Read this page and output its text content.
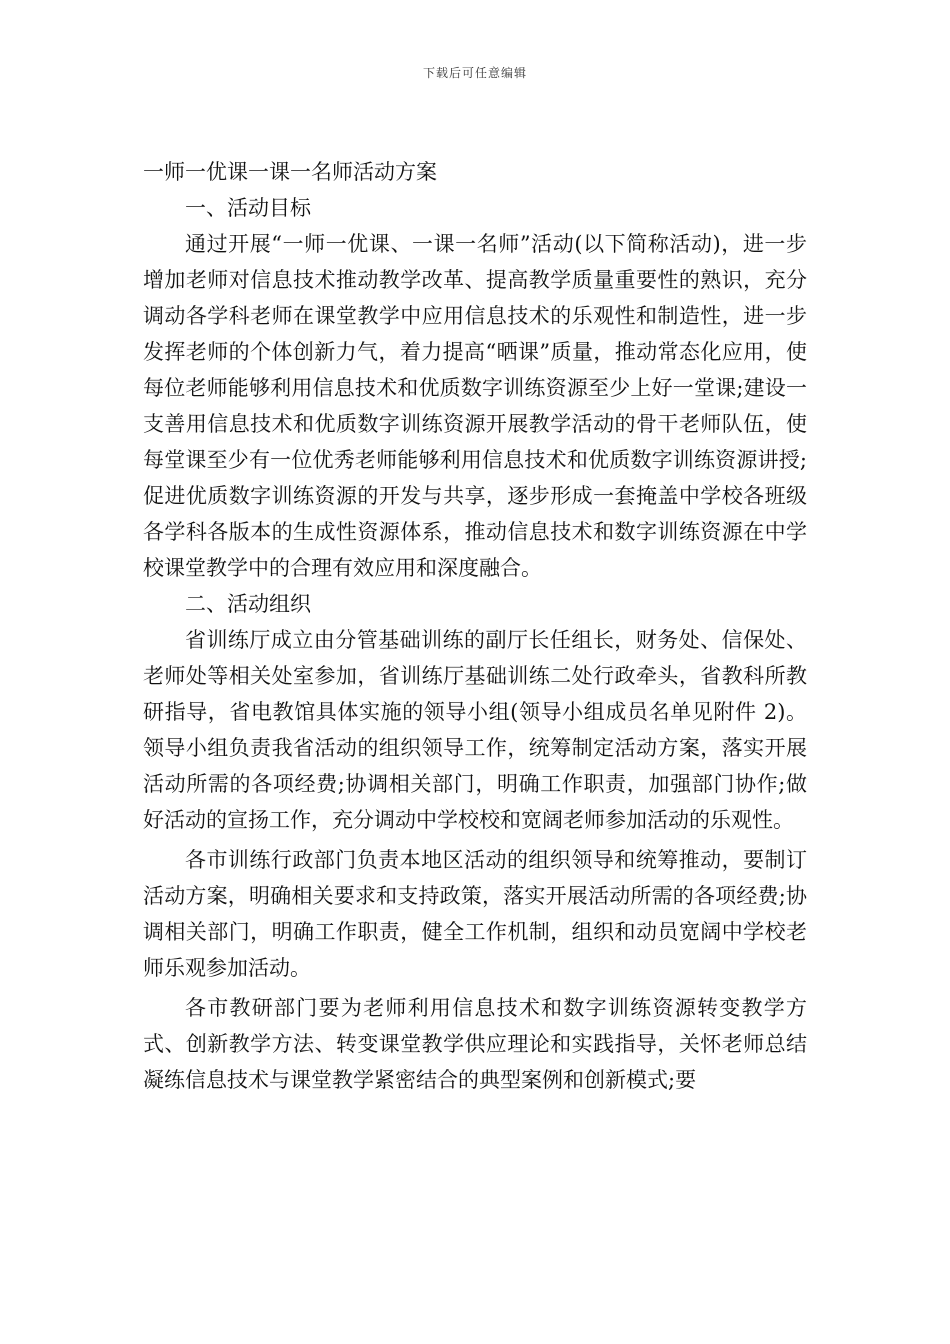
下载后可任意编辑
一师一优课一课一名师活动方案
一、活动目标

通过开展“一师一优课、一课一名师”活动(以下简称活动)，进一步增加老师对信息技术推动教学改革、提高教学质量重要性的熟识，充分调动各学科老师在课堂教学中应用信息技术的乐观性和制造性，进一步发挥老师的个体创新力气，着力提高“晒课”质量，推动常态化应用，使每位老师能够利用信息技术和优质数字训练资源至少上好一堂课;建设一支善用信息技术和优质数字训练资源开展教学活动的骨干老师队伍，使每堂课至少有一位优秀老师能够利用信息技术和优质数字训练资源讲授;促进优质数字训练资源的开发与共享，逐步形成一套掩盖中学校各班级各学科各版本的生成性资源体系，推动信息技术和数字训练资源在中学校课堂教学中的合理有效应用和深度融合。

二、活动组织

省训练厅成立由分管基础训练的副厅长任组长，财务处、信保处、老师处等相关处室参加，省训练厅基础训练二处行政牵头，省教科所教研指导，省电教馆具体实施的领导小组(领导小组成员名单见附件 2)。领导小组负责我省活动的组织领导工作，统筹制定活动方案，落实开展活动所需的各项经费;协调相关部门，明确工作职责，加强部门协作;做好活动的宣扬工作，充分调动中学校校和宽阔老师参加活动的乐观性。

各市训练行政部门负责本地区活动的组织领导和统筹推动，要制订活动方案，明确相关要求和支持政策，落实开展活动所需的各项经费;协调相关部门，明确工作职责，健全工作机制，组织和动员宽阔中学校老师乐观参加活动。

各市教研部门要为老师利用信息技术和数字训练资源转变教学方式、创新教学方法、转变课堂教学供应理论和实践指导，关怀老师总结凝练信息技术与课堂教学紧密结合的典型案例和创新模式;要
